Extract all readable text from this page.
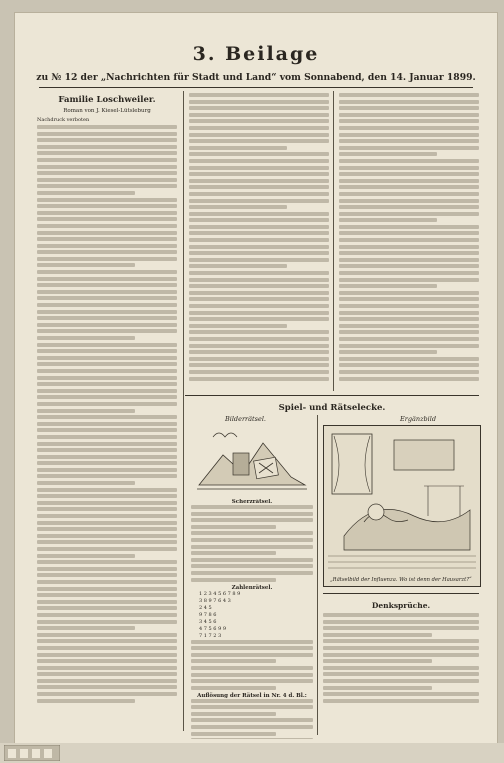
3. Beilage
zu № 12 der „Nachrichten für Stadt und Land“ vom Sonnabend, den 14. Januar 1899.
Familie Loschweiler.
Roman von J. Kiesel-Lütsleburg
Nachdruck verboten
Spiel- und Rätselecke.
Bilderrätsel.
Scherzrätsel.
Zahlenrätsel.
1 2 3 4 5 6 7 8 9
3 8 9 7 6 4 3
2 4 5
9 7 8 6
3 4 5 6
4 7 5 6 9 9
7 1 7 2 3
Auflösung der Rätsel in Nr. 4 d. Bl.:
Ergänzbild
„Rätselbild der Influenza. Wo ist denn der Hausarzt?“
Denksprüche.
